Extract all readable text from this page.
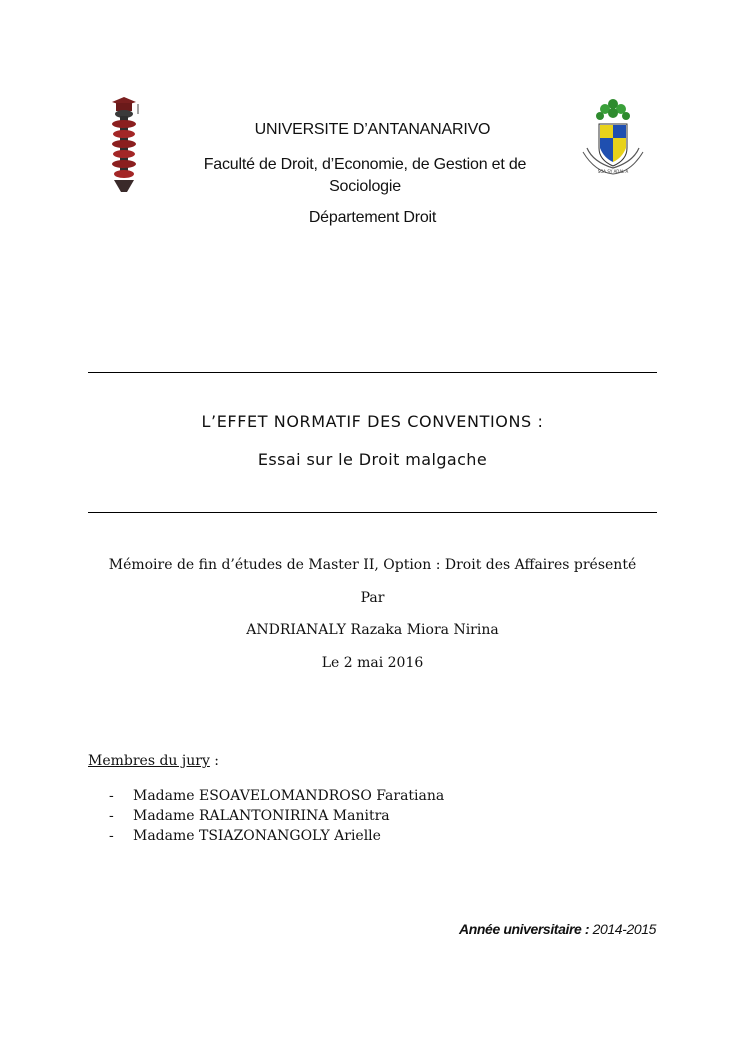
SOA SY ADAL A
UNIVERSITE D’ANTANANARIVO
Faculté de Droit, d’Economie, de Gestion et de Sociologie
Département Droit
L’EFFET NORMATIF DES CONVENTIONS :
Essai sur le Droit malgache
Mémoire de fin d’études de Master II, Option : Droit des Affaires présenté
Par
ANDRIANALY Razaka Miora Nirina
Le 2 mai 2016
Membres du jury :
-	Madame ESOAVELOMANDROSO Faratiana
-	Madame RALANTONIRINA Manitra
-	Madame TSIAZONANGOLY Arielle
Année universitaire : 2014-2015
